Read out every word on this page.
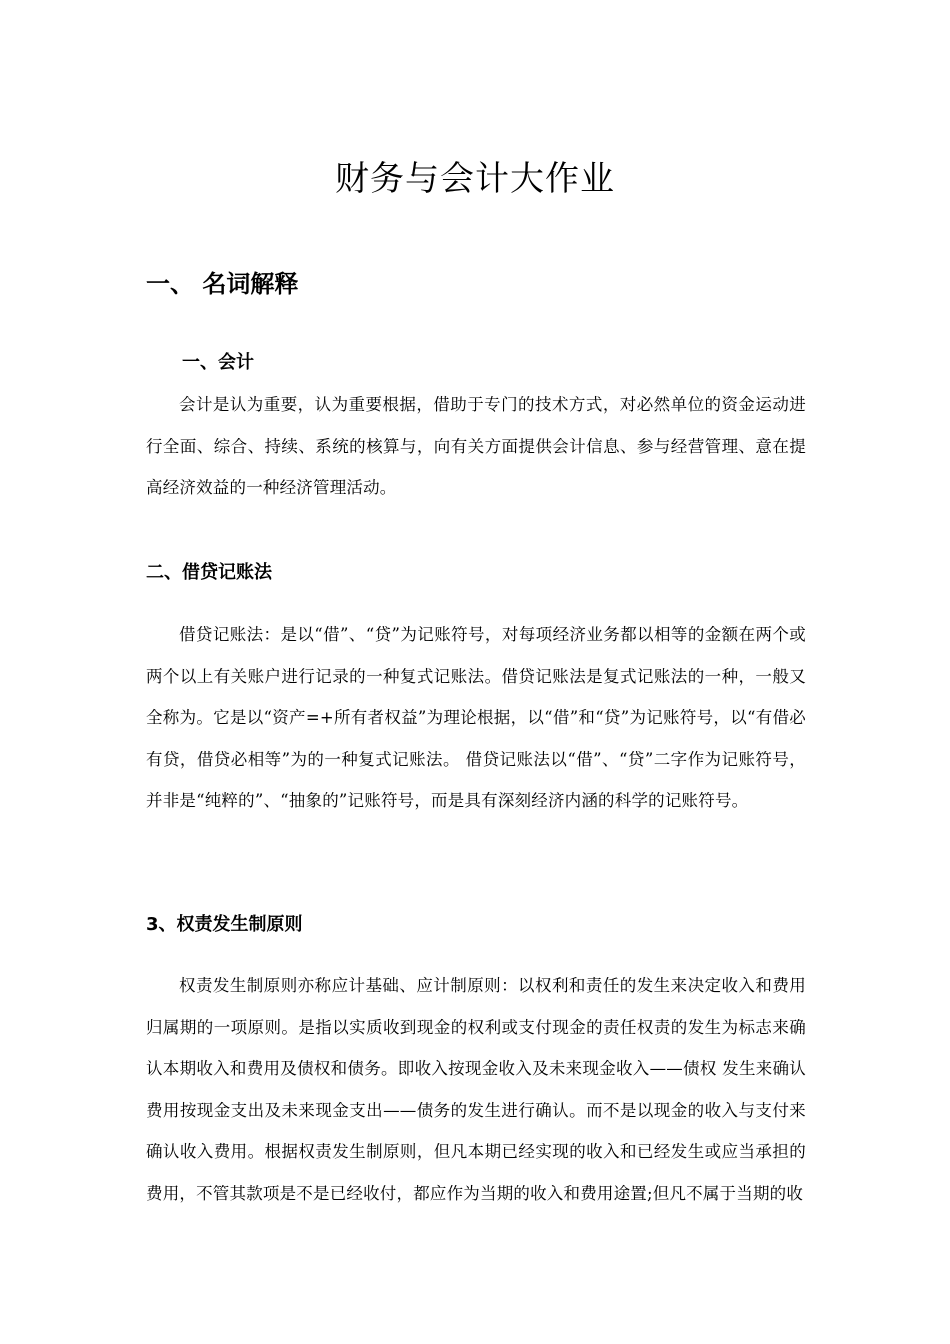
财务与会计大作业
一、 名词解释
一、会计

会计是认为重要，认为重要根据，借助于专门的技术方式，对必然单位的资金运动进行全面、综合、持续、系统的核算与，向有关方面提供会计信息、参与经营管理、意在提高经济效益的一种经济管理活动。

二、借贷记账法

借贷记账法：是以“借”、“贷”为记账符号，对每项经济业务都以相等的金额在两个或两个以上有关账户进行记录的一种复式记账法。借贷记账法是复式记账法的一种，一般又全称为。它是以“资产=+所有者权益”为理论根据，以“借”和“贷”为记账符号，以“有借必有贷，借贷必相等”为的一种复式记账法。 借贷记账法以“借”、“贷”二字作为记账符号，并非是“纯粹的”、“抽象的”记账符号，而是具有深刻经济内涵的科学的记账符号。

3、权责发生制原则

权责发生制原则亦称应计基础、应计制原则：以权利和责任的发生来决定收入和费用归属期的一项原则。是指以实质收到现金的权利或支付现金的责任权责的发生为标志来确认本期收入和费用及债权和债务。即收入按现金收入及未来现金收入——债权 发生来确认费用按现金支出及未来现金支出——债务的发生进行确认。而不是以现金的收入与支付来确认收入费用。根据权责发生制原则，但凡本期已经实现的收入和已经发生或应当承担的费用，不管其款项是不是已经收付，都应作为当期的收入和费用途置;但凡不属于当期的收
